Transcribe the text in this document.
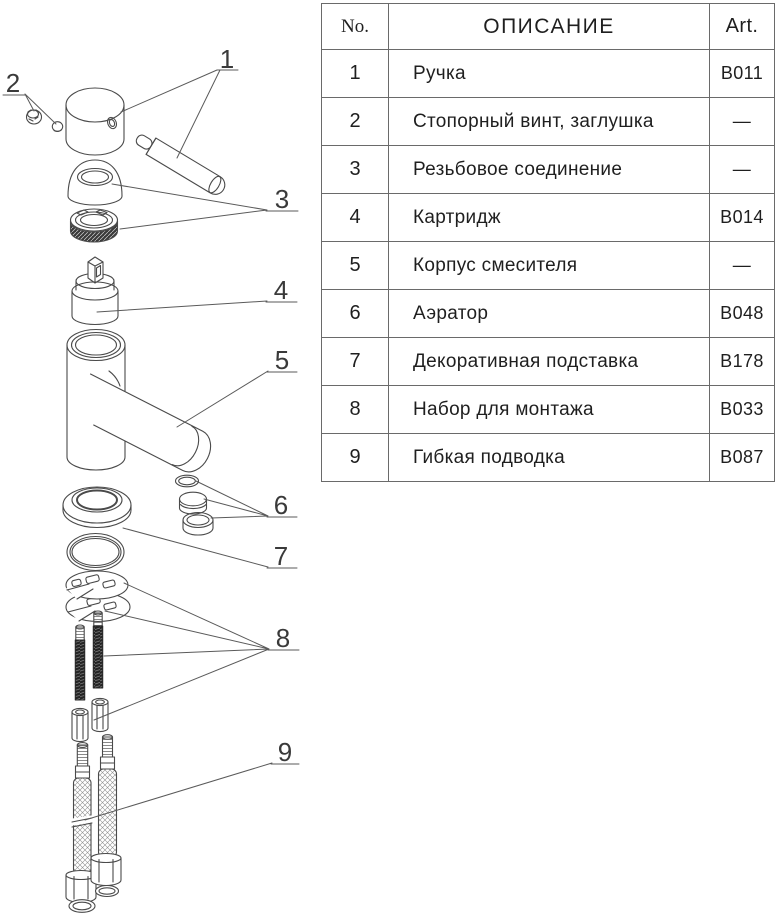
1
2
3
4
5
6
7
8
9
No.	ОПИСАНИЕ	Art.
1	Ручка	B011
2	Стопорный винт, заглушка	—
3	Резьбовое соединение	—
4	Картридж	B014
5	Корпус смесителя	—
6	Аэратор	B048
7	Декоративная подставка	B178
8	Набор для монтажа	B033
9	Гибкая подводка	B087
